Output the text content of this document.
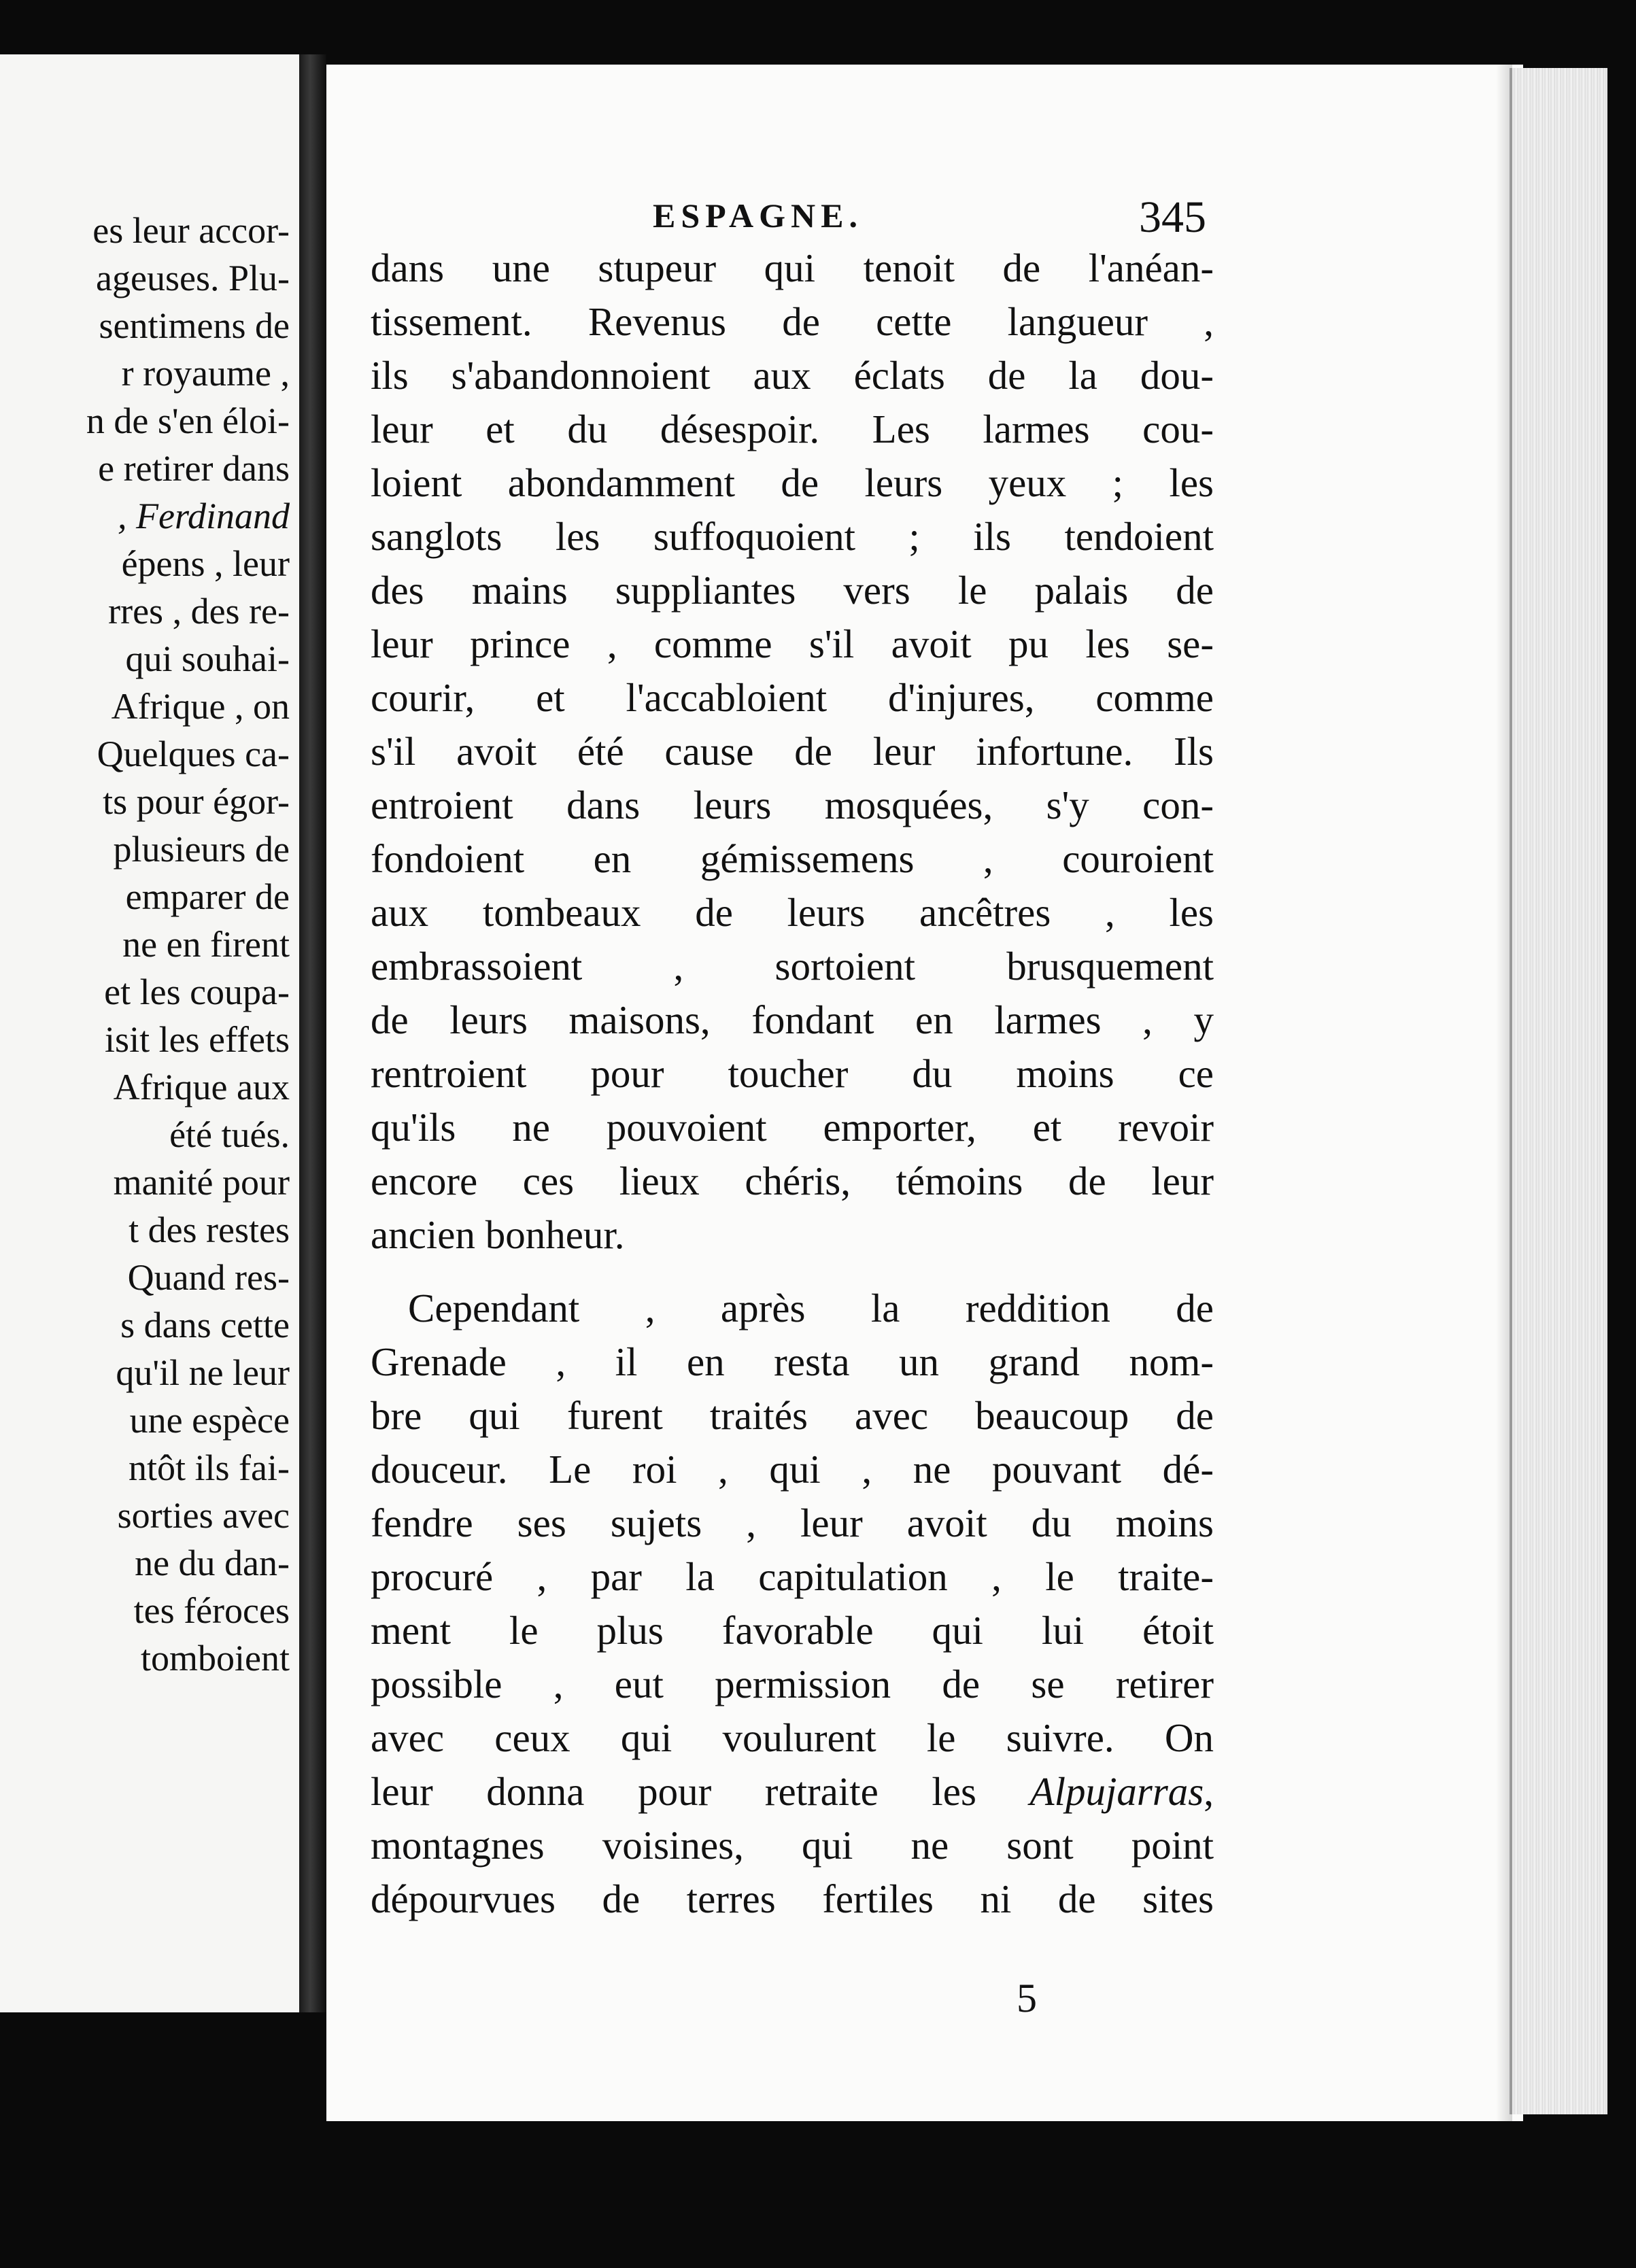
es leur accor-
ageuses. Plu-
sentimens de
r royaume ,
n de s'en éloi-
e retirer dans
, Ferdinand
épens , leur
rres , des re-
qui souhai-
Afrique , on
Quelques ca-
ts pour égor-
plusieurs de
emparer de
ne en firent
et les coupa-
isit les effets
Afrique aux
été tués.
manité pour
t des restes
Quand res-
s dans cette
qu'il ne leur
une espèce
ntôt ils fai-
sorties avec
ne du dan-
tes féroces
tomboient
ESPAGNE.	345
dans une stupeur qui tenoit de l'anéan-
tissement. Revenus de cette langueur ,
ils s'abandonnoient aux éclats de la dou-
leur et du désespoir. Les larmes cou-
loient abondamment de leurs yeux ; les
sanglots les suffoquoient ; ils tendoient
des mains suppliantes vers le palais de
leur prince , comme s'il avoit pu les se-
courir, et l'accabloient d'injures, comme
s'il avoit été cause de leur infortune. Ils
entroient dans leurs mosquées, s'y con-
fondoient en gémissemens , couroient
aux tombeaux de leurs ancêtres , les
embrassoient , sortoient brusquement
de leurs maisons, fondant en larmes , y
rentroient pour toucher du moins ce
qu'ils ne pouvoient emporter, et revoir
encore ces lieux chéris, témoins de leur
ancien bonheur.
Cependant , après la reddition de
Grenade , il en resta un grand nom-
bre qui furent traités avec beaucoup de
douceur. Le roi , qui , ne pouvant dé-
fendre ses sujets , leur avoit du moins
procuré , par la capitulation , le traite-
ment le plus favorable qui lui étoit
possible , eut permission de se retirer
avec ceux qui voulurent le suivre. On
leur donna pour retraite les Alpujarras,
montagnes voisines, qui ne sont point
dépourvues de terres fertiles ni de sites
5
